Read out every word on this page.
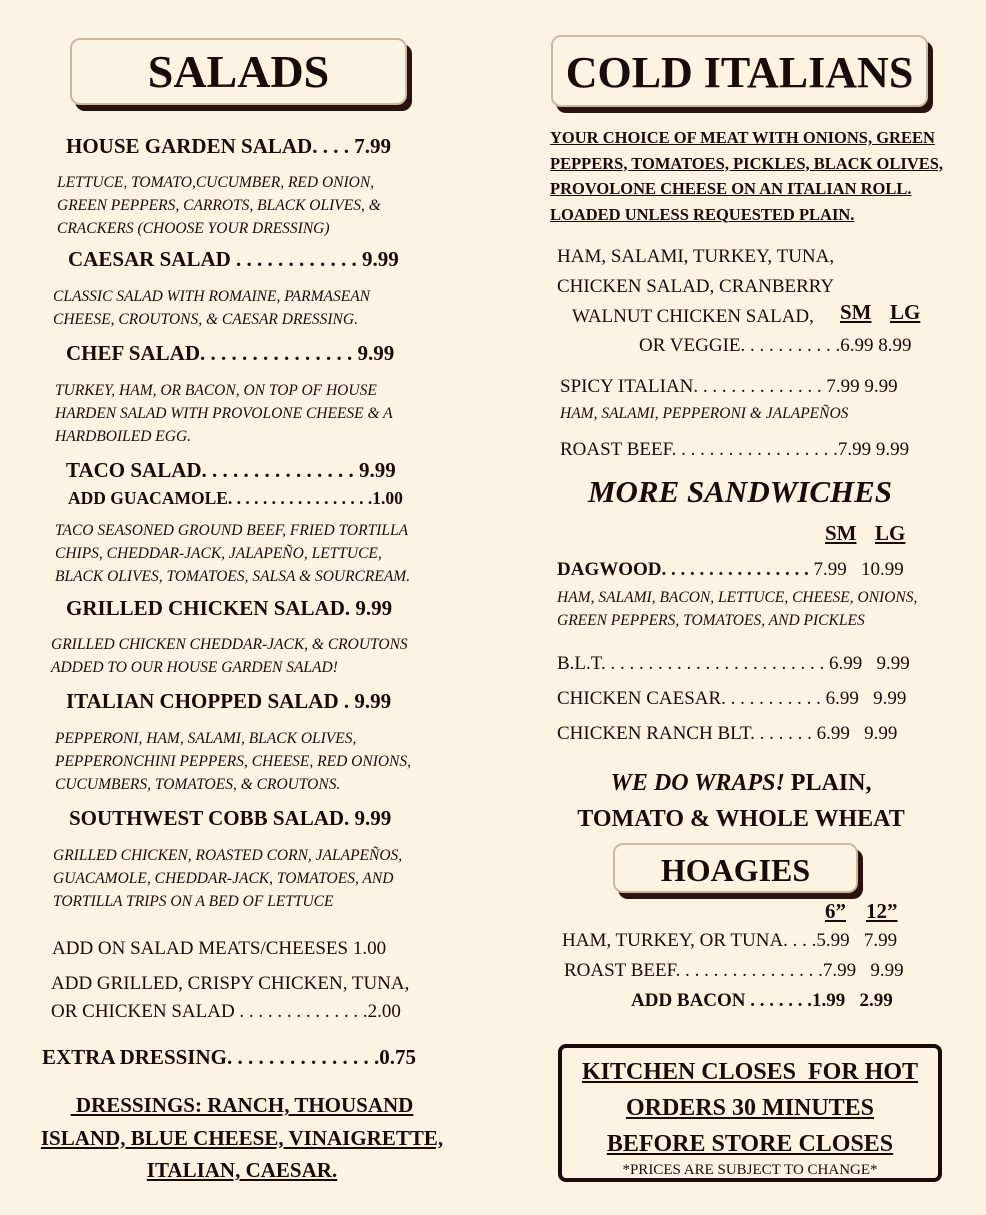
SALADS
HOUSE GARDEN SALAD. . . . 7.99
LETTUCE, TOMATO,CUCUMBER, RED ONION,
GREEN PEPPERS, CARROTS, BLACK OLIVES, &
CRACKERS (CHOOSE YOUR DRESSING)
CAESAR SALAD . . . . . . . . . . . . 9.99
CLASSIC SALAD WITH ROMAINE, PARMASEAN
CHEESE, CROUTONS, & CAESAR DRESSING.
CHEF SALAD. . . . . . . . . . . . . . . 9.99
TURKEY, HAM, OR BACON, ON TOP OF HOUSE
HARDEN SALAD WITH PROVOLONE CHEESE & A
HARDBOILED EGG.
TACO SALAD. . . . . . . . . . . . . . . 9.99
ADD GUACAMOLE. . . . . . . . . . . . . . . . .1.00
TACO SEASONED GROUND BEEF, FRIED TORTILLA
CHIPS, CHEDDAR-JACK, JALAPEÑO, LETTUCE,
BLACK OLIVES, TOMATOES, SALSA & SOURCREAM.
GRILLED CHICKEN SALAD. 9.99
GRILLED CHICKEN CHEDDAR-JACK, & CROUTONS
ADDED TO OUR HOUSE GARDEN SALAD!
ITALIAN CHOPPED SALAD . 9.99
PEPPERONI, HAM, SALAMI, BLACK OLIVES,
PEPPERONCHINI PEPPERS, CHEESE, RED ONIONS,
CUCUMBERS, TOMATOES, & CROUTONS.
SOUTHWEST COBB SALAD. 9.99
GRILLED CHICKEN, ROASTED CORN, JALAPEÑOS,
GUACAMOLE, CHEDDAR-JACK, TOMATOES, AND
TORTILLA TRIPS ON A BED OF LETTUCE
ADD ON SALAD MEATS/CHEESES 1.00
ADD GRILLED, CRISPY CHICKEN, TUNA,
OR CHICKEN SALAD . . . . . . . . . . . . . .2.00
EXTRA DRESSING. . . . . . . . . . . . . . .0.75
DRESSINGS: RANCH, THOUSAND
ISLAND, BLUE CHEESE, VINAIGRETTE,
ITALIAN, CAESAR.
COLD ITALIANS
YOUR CHOICE OF MEAT WITH ONIONS, GREEN
PEPPERS, TOMATOES, PICKLES, BLACK OLIVES,
PROVOLONE CHEESE ON AN ITALIAN ROLL.
LOADED UNLESS REQUESTED PLAIN.
HAM, SALAMI, TURKEY, TUNA,
CHICKEN SALAD, CRANBERRY
WALNUT CHICKEN SALAD, SM LG
OR VEGGIE. . . . . . . . . . .6.99 8.99
SPICY ITALIAN. . . . . . . . . . . . . . 7.99 9.99
HAM, SALAMI, PEPPERONI & JALAPEÑOS
ROAST BEEF. . . . . . . . . . . . . . . . . .7.99 9.99
MORE SANDWICHES
SM LG
DAGWOOD. . . . . . . . . . . . . . . . 7.99   10.99
HAM, SALAMI, BACON, LETTUCE, CHEESE, ONIONS,
GREEN PEPPERS, TOMATOES, AND PICKLES
B.L.T. . . . . . . . . . . . . . . . . . . . . . . . 6.99   9.99
CHICKEN CAESAR. . . . . . . . . . . 6.99   9.99
CHICKEN RANCH BLT. . . . . . . 6.99   9.99
WE DO WRAPS! PLAIN,
TOMATO & WHOLE WHEAT
HOAGIES
6” 12”
HAM, TURKEY, OR TUNA. . . .5.99   7.99
ROAST BEEF. . . . . . . . . . . . . . . .7.99   9.99
ADD BACON . . . . . . .1.99   2.99
KITCHEN CLOSES  FOR HOT
ORDERS 30 MINUTES
BEFORE STORE CLOSES
*PRICES ARE SUBJECT TO CHANGE*
